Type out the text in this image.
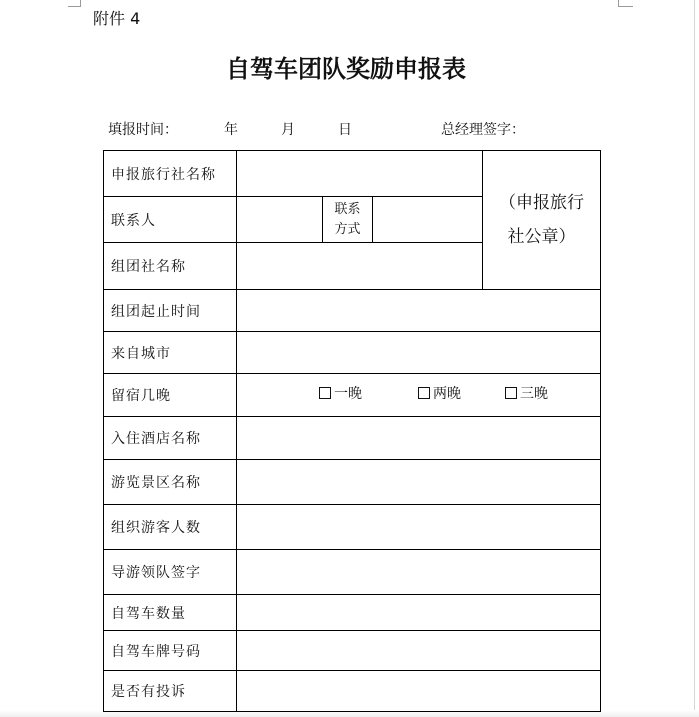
附件 4
自驾车团队奖励申报表
填报时间：	年	月	日	总经理签字：
申报旅行社名称				（申报旅行
社公章）

联系人		联系方式		

组团社名称				

组团起止时间				

来自城市				

留宿几晚	一晚 两晚 三晚			

入住酒店名称				

游览景区名称				

组织游客人数				

导游领队签字				

自驾车数量				

自驾车牌号码				

是否有投诉				
